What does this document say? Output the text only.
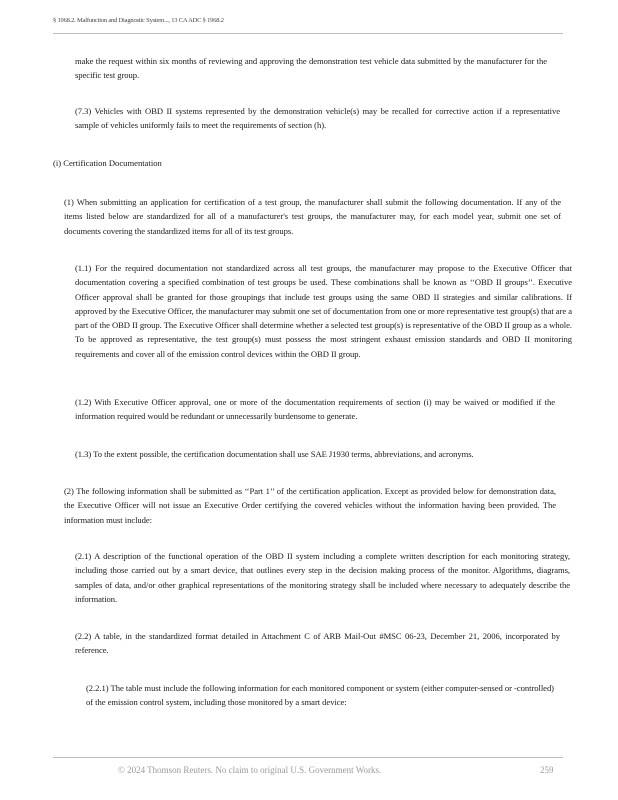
§ 1968.2. Malfunction and Diagnostic System..., 13 CA ADC § 1968.2

make the request within six months of reviewing and approving the demonstration test vehicle data submitted by the manufacturer for the specific test group.

(7.3) Vehicles with OBD II systems represented by the demonstration vehicle(s) may be recalled for corrective action if a representative sample of vehicles uniformly fails to meet the requirements of section (h).

(i) Certification Documentation

(1) When submitting an application for certification of a test group, the manufacturer shall submit the following documentation. If any of the items listed below are standardized for all of a manufacturer's test groups, the manufacturer may, for each model year, submit one set of documents covering the standardized items for all of its test groups.

(1.1) For the required documentation not standardized across all test groups, the manufacturer may propose to the Executive Officer that documentation covering a specified combination of test groups be used. These combinations shall be known as ‘‘OBD II groups’’. Executive Officer approval shall be granted for those groupings that include test groups using the same OBD II strategies and similar calibrations. If approved by the Executive Officer, the manufacturer may submit one set of documentation from one or more representative test group(s) that are a part of the OBD II group. The Executive Officer shall determine whether a selected test group(s) is representative of the OBD II group as a whole. To be approved as representative, the test group(s) must possess the most stringent exhaust emission standards and OBD II monitoring requirements and cover all of the emission control devices within the OBD II group.

(1.2) With Executive Officer approval, one or more of the documentation requirements of section (i) may be waived or modified if the information required would be redundant or unnecessarily burdensome to generate.

(1.3) To the extent possible, the certification documentation shall use SAE J1930 terms, abbreviations, and acronyms.

(2) The following information shall be submitted as ‘‘Part 1’’ of the certification application. Except as provided below for demonstration data, the Executive Officer will not issue an Executive Order certifying the covered vehicles without the information having been provided. The information must include:

(2.1) A description of the functional operation of the OBD II system including a complete written description for each monitoring strategy, including those carried out by a smart device, that outlines every step in the decision making process of the monitor. Algorithms, diagrams, samples of data, and/or other graphical representations of the monitoring strategy shall be included where necessary to adequately describe the information.

(2.2) A table, in the standardized format detailed in Attachment C of ARB Mail-Out #MSC 06-23, December 21, 2006, incorporated by reference.

(2.2.1) The table must include the following information for each monitored component or system (either computer-sensed or -controlled) of the emission control system, including those monitored by a smart device:

© 2024 Thomson Reuters. No claim to original U.S. Government Works.	259
